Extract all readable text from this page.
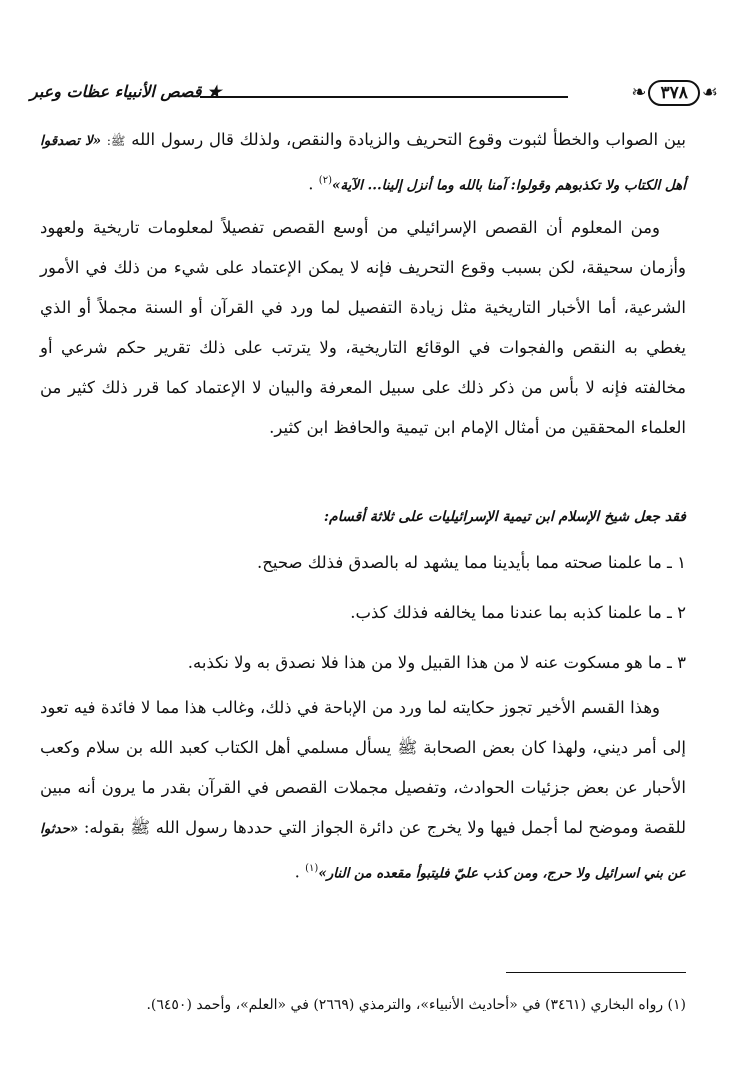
❧ ٣٧٨ ☙
★ قصص الأنبياء عظات وعبر

بين الصواب والخطأ لثبوت وقوع التحريف والزيادة والنقص، ولذلك قال رسول الله ﷺ: «لا تصدقوا أهل الكتاب ولا تكذبوهم وقولوا: آمنا بالله وما أنزل إلينا... الآية»$^{(٢)}$ .

ومن المعلوم أن القصص الإسرائيلي من أوسع القصص تفصيلاً لمعلومات تاريخية ولعهود وأزمان سحيقة، لكن بسبب وقوع التحريف فإنه لا يمكن الإعتماد على شيء من ذلك في الأمور الشرعية، أما الأخبار التاريخية مثل زيادة التفصيل لما ورد في القرآن أو السنة مجملاً أو الذي يغطي به النقص والفجوات في الوقائع التاريخية، ولا يترتب على ذلك تقرير حكم شرعي أو مخالفته فإنه لا بأس من ذكر ذلك على سبيل المعرفة والبيان لا الإعتماد كما قرر ذلك كثير من العلماء المحققين من أمثال الإمام ابن تيمية والحافظ ابن كثير.

فقد جعل شيخ الإسلام ابن تيمية الإسرائيليات على ثلاثة أقسام:

١ ـ ما علمنا صحته مما بأيدينا مما يشهد له بالصدق فذلك صحيح.

٢ ـ ما علمنا كذبه بما عندنا مما يخالفه فذلك كذب.

٣ ـ ما هو مسكوت عنه لا من هذا القبيل ولا من هذا فلا نصدق به ولا نكذبه.

وهذا القسم الأخير تجوز حكايته لما ورد من الإباحة في ذلك، وغالب هذا مما لا فائدة فيه تعود إلى أمر ديني، ولهذا كان بعض الصحابة ﷺ يسأل مسلمي أهل الكتاب كعبد الله بن سلام وكعب الأحبار عن بعض جزئيات الحوادث، وتفصيل مجملات القصص في القرآن بقدر ما يرون أنه مبين للقصة وموضح لما أجمل فيها ولا يخرج عن دائرة الجواز التي حددها رسول الله ﷺ بقوله: «حدثوا عن بني اسرائيل ولا حرج، ومن كذب عليّ فليتبوأ مقعده من النار»$^{(١)}$ .

(١) رواه البخاري (٣٤٦١) في «أحاديث الأنبياء»، والترمذي (٢٦٦٩) في «العلم»، وأحمد (٦٤٥٠).
